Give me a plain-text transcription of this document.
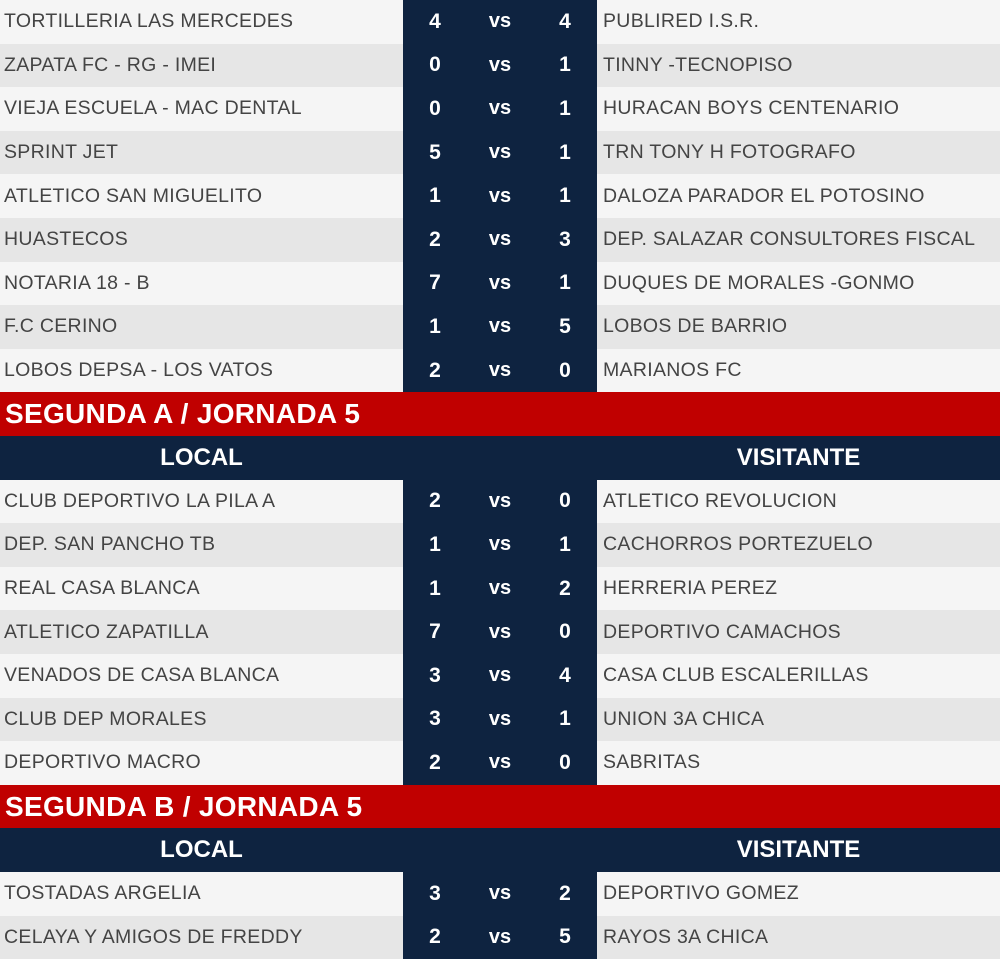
TORTILLERIA LAS MERCEDES	4	vs	4	PUBLIRED I.S.R.
ZAPATA FC - RG - IMEI	0	vs	1	TINNY -TECNOPISO
VIEJA ESCUELA - MAC DENTAL	0	vs	1	HURACAN BOYS CENTENARIO
SPRINT JET	5	vs	1	TRN TONY H FOTOGRAFO
ATLETICO SAN MIGUELITO	1	vs	1	DALOZA PARADOR EL POTOSINO
HUASTECOS	2	vs	3	DEP. SALAZAR CONSULTORES FISCAL
NOTARIA 18 - B	7	vs	1	DUQUES DE MORALES -GONMO
F.C CERINO	1	vs	5	LOBOS DE BARRIO
LOBOS DEPSA - LOS VATOS	2	vs	0	MARIANOS FC
SEGUNDA A / JORNADA 5
LOCAL	VISITANTE
CLUB DEPORTIVO LA PILA A	2	vs	0	ATLETICO REVOLUCION
DEP. SAN PANCHO TB	1	vs	1	CACHORROS PORTEZUELO
REAL CASA BLANCA	1	vs	2	HERRERIA PEREZ
ATLETICO ZAPATILLA	7	vs	0	DEPORTIVO CAMACHOS
VENADOS DE CASA BLANCA	3	vs	4	CASA CLUB ESCALERILLAS
CLUB DEP MORALES	3	vs	1	UNION 3A CHICA
DEPORTIVO MACRO	2	vs	0	SABRITAS
SEGUNDA B / JORNADA 5
LOCAL	VISITANTE
TOSTADAS ARGELIA	3	vs	2	DEPORTIVO GOMEZ
CELAYA Y AMIGOS DE FREDDY	2	vs	5	RAYOS 3A CHICA
